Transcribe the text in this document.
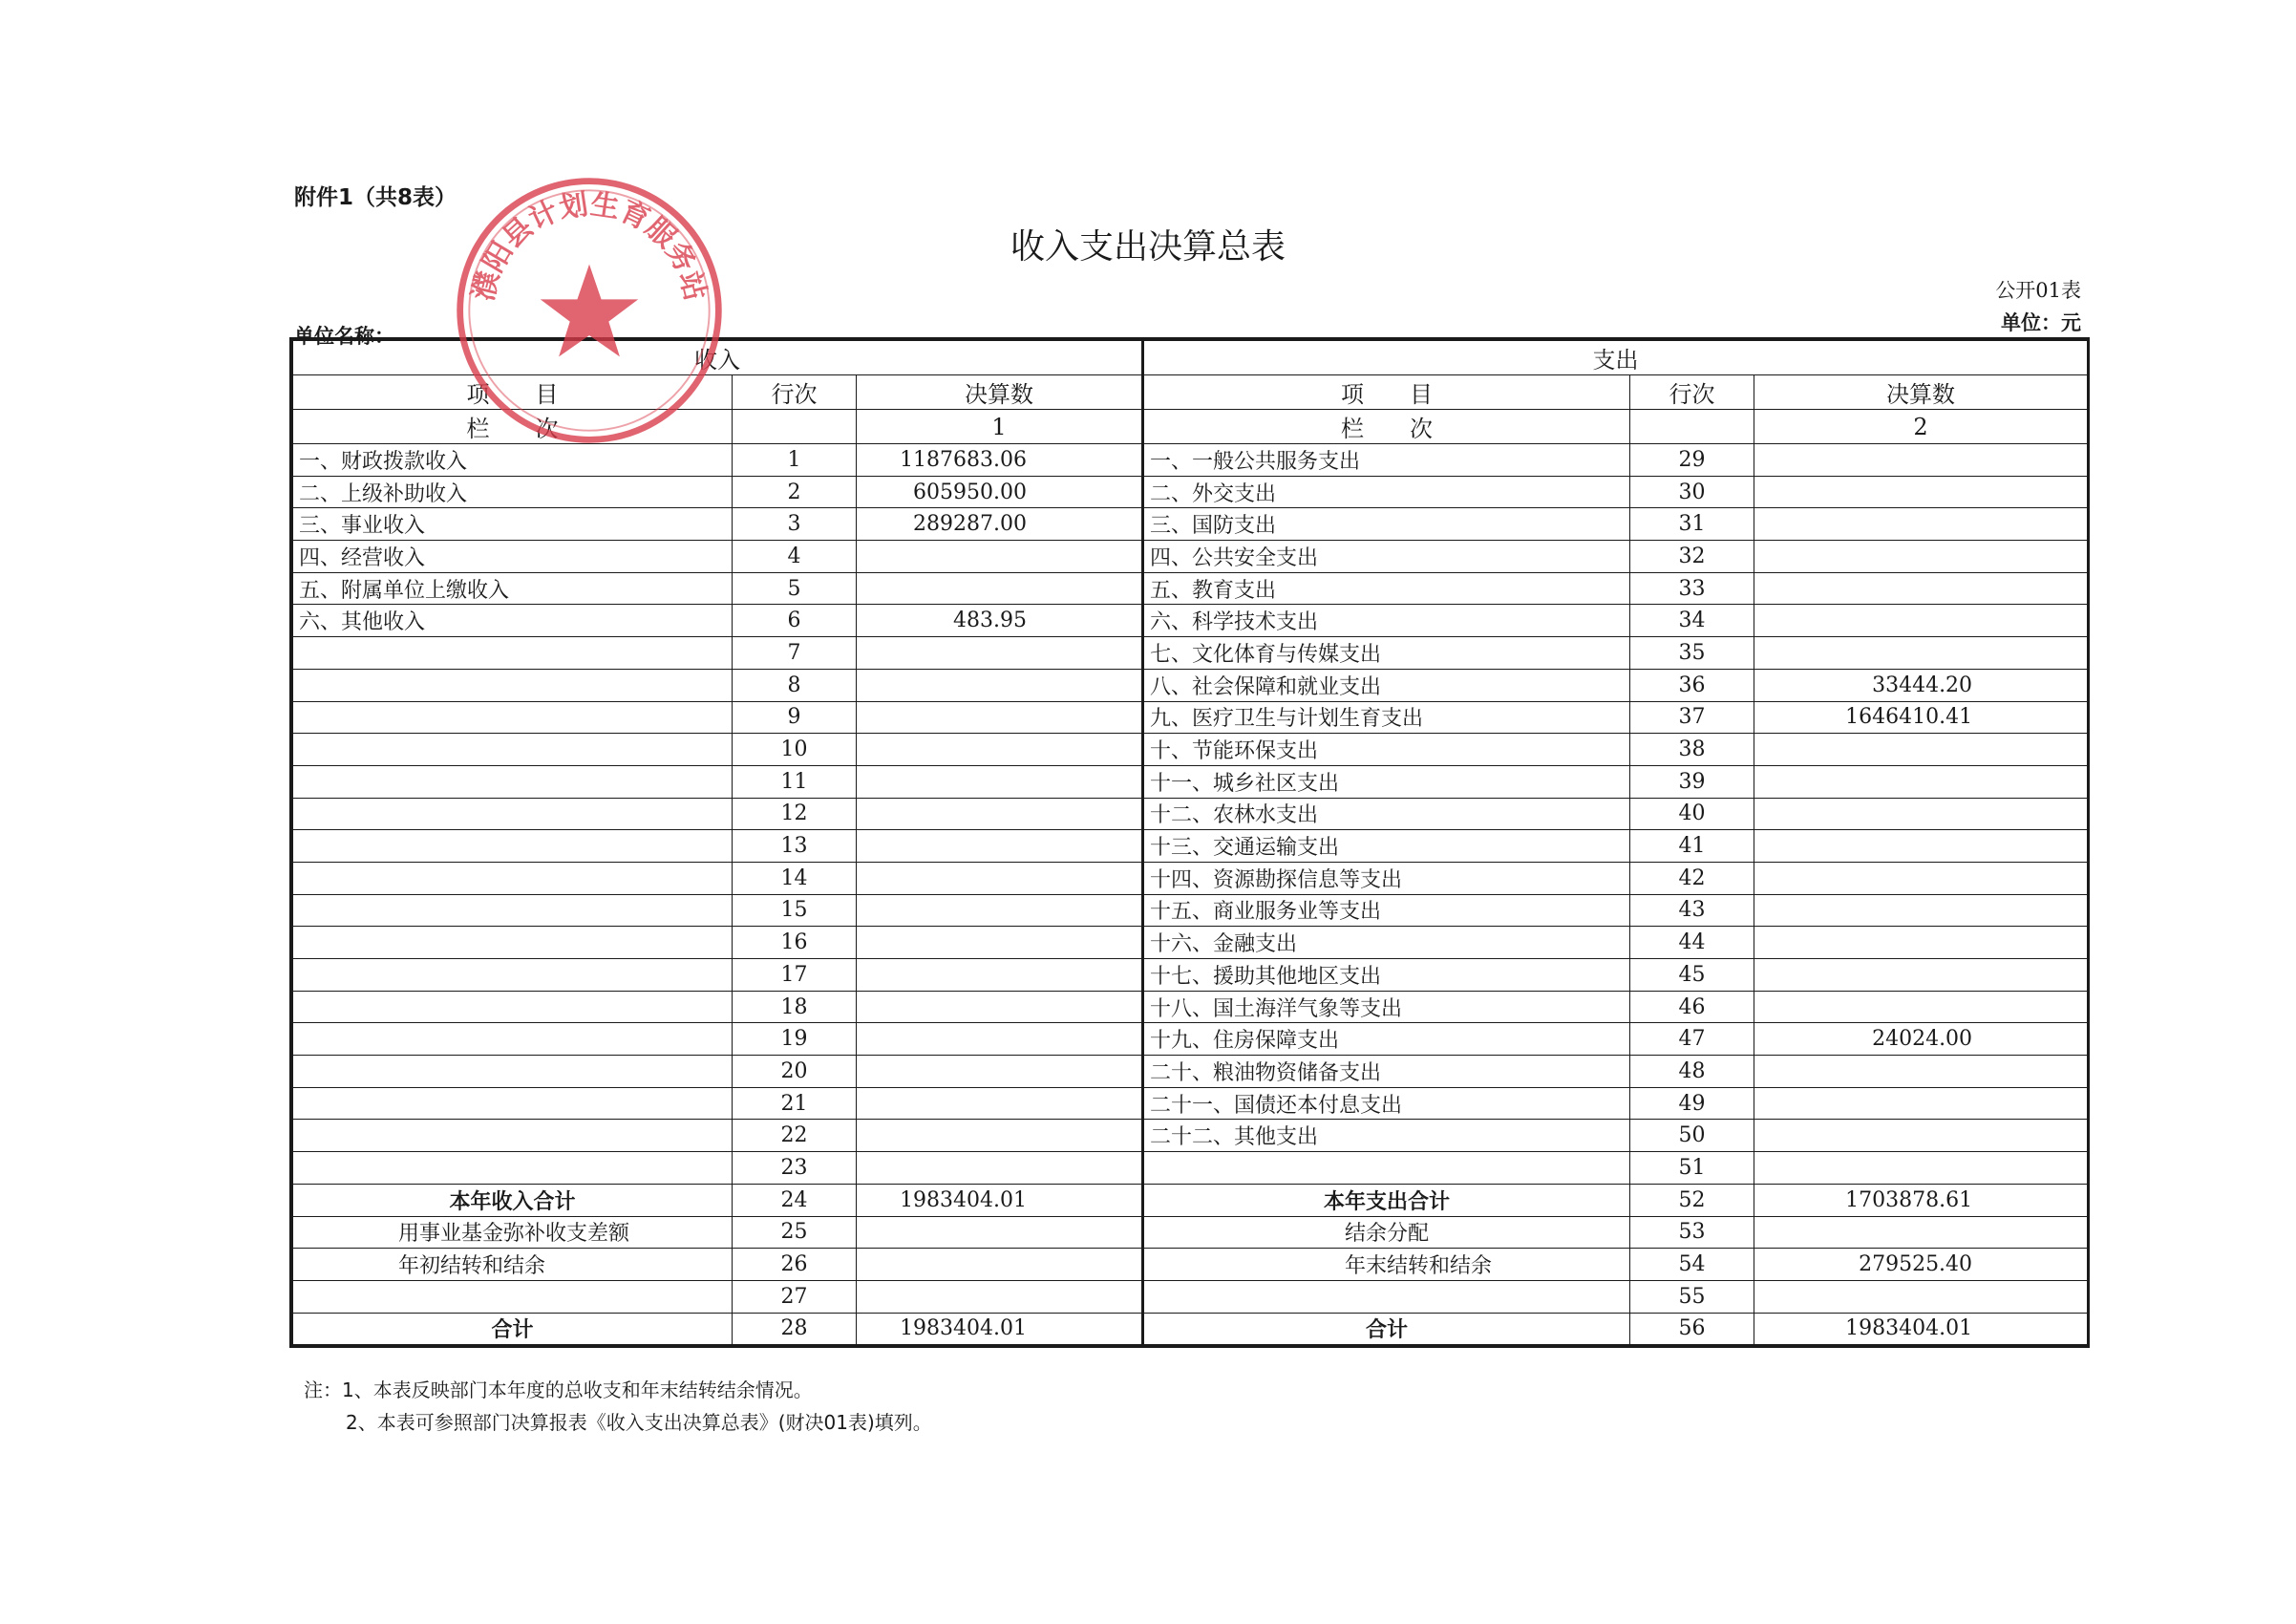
附件1（共8表）
收入支出决算总表
公开01表
单位：元
单位名称：
收入			支出		
项　　目	行次	决算数	项　　目	行次	决算数
栏　　次		1	栏　　次		2
一、财政拨款收入	1	1187683.06	一、一般公共服务支出	29	
二、上级补助收入	2	605950.00	二、外交支出	30	
三、事业收入	3	289287.00	三、国防支出	31	
四、经营收入	4		四、公共安全支出	32	
五、附属单位上缴收入	5		五、教育支出	33	
六、其他收入	6	483.95	六、科学技术支出	34	
	7		七、文化体育与传媒支出	35	
	8		八、社会保障和就业支出	36	33444.20
	9		九、医疗卫生与计划生育支出	37	1646410.41
	10		十、节能环保支出	38	
	11		十一、城乡社区支出	39	
	12		十二、农林水支出	40	
	13		十三、交通运输支出	41	
	14		十四、资源勘探信息等支出	42	
	15		十五、商业服务业等支出	43	
	16		十六、金融支出	44	
	17		十七、援助其他地区支出	45	
	18		十八、国土海洋气象等支出	46	
	19		十九、住房保障支出	47	24024.00
	20		二十、粮油物资储备支出	48	
	21		二十一、国债还本付息支出	49	
	22		二十二、其他支出	50	
	23			51	
本年收入合计	24	1983404.01	本年支出合计	52	1703878.61
用事业基金弥补收支差额	25		结余分配	53	
年初结转和结余	26		年末结转和结余	54	279525.40
	27			55	
合计	28	1983404.01	合计	56	1983404.01
注：1、本表反映部门本年度的总收支和年末结转结余情况。
2、本表可参照部门决算报表《收入支出决算总表》(财决01表)填列。
濮阳县计划生育服务站
